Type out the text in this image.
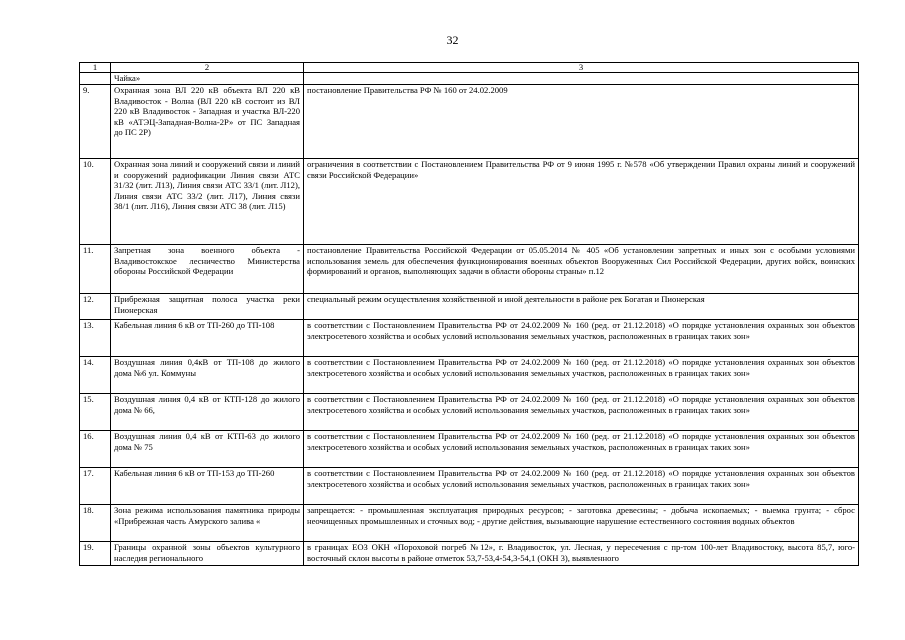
32
1	2	3
	Чайка»	
9.	Охранная зона ВЛ 220 кВ объекта ВЛ 220 кВ Владивосток - Волна (ВЛ 220 кВ состоит из ВЛ 220 кВ Владивосток - Западная и участка ВЛ-220 кВ «АТЭЦ-Западная-Волна-2Р» от ПС Западная до ПС 2Р)	постановление Правительства РФ № 160 от 24.02.2009
10.	Охранная зона линий и сооружений связи и линий и сооружений радиофикации Линия связи АТС 31/32 (лит. Л13), Линия связи АТС 33/1 (лит. Л12), Линия связи АТС 33/2 (лит. Л17), Линия связи 38/1 (лит. Л16), Линия связи АТС 38 (лит. Л15)	ограничения в соответствии с Постановлением Правительства РФ от 9 июня 1995 г. №578 «Об утверждении Правил охраны линий и сооружений связи Российской Федерации»
11.	Запретная зона военного объекта - Владивостокское лесничество Министерства обороны Российской Федерации	постановление Правительства Российской Федерации от 05.05.2014 № 405 «Об установлении запретных и иных зон с особыми условиями использования земель для обеспечения функционирования военных объектов Вооруженных Сил Российской Федерации, других войск, воинских формирований и органов, выполняющих задачи в области обороны страны» п.12
12.	Прибрежная защитная полоса участка реки Пионерская	специальный режим осуществления хозяйственной и иной деятельности в районе рек Богатая и Пионерская
13.	Кабельная линия 6 кВ от ТП-260 до ТП-108	в соответствии с Постановлением Правительства РФ от 24.02.2009 № 160 (ред. от 21.12.2018) «О порядке установления охранных зон объектов электросетевого хозяйства и особых условий использования земельных участков, расположенных в границах таких зон»
14.	Воздушная линия 0,4кВ от ТП-108 до жилого дома №6 ул. Коммуны	в соответствии с Постановлением Правительства РФ от 24.02.2009 № 160 (ред. от 21.12.2018) «О порядке установления охранных зон объектов электросетевого хозяйства и особых условий использования земельных участков, расположенных в границах таких зон»
15.	Воздушная линия 0,4 кВ от КТП-128 до жилого дома № 66,	в соответствии с Постановлением Правительства РФ от 24.02.2009 № 160 (ред. от 21.12.2018) «О порядке установления охранных зон объектов электросетевого хозяйства и особых условий использования земельных участков, расположенных в границах таких зон»
16.	Воздушная линия 0,4 кВ от КТП-63 до жилого дома № 75	в соответствии с Постановлением Правительства РФ от 24.02.2009 № 160 (ред. от 21.12.2018) «О порядке установления охранных зон объектов электросетевого хозяйства и особых условий использования земельных участков, расположенных в границах таких зон»
17.	Кабельная линия 6 кВ от ТП-153 до ТП-260	в соответствии с Постановлением Правительства РФ от 24.02.2009 № 160 (ред. от 21.12.2018) «О порядке установления охранных зон объектов электросетевого хозяйства и особых условий использования земельных участков, расположенных в границах таких зон»
18.	Зона режима использования памятника природы «Прибрежная часть Амурского залива «	запрещается: - промышленная эксплуатация природных ресурсов; - заготовка древесины; - добыча ископаемых; - выемка грунта; - сброс неочищенных промышленных и сточных вод; - другие действия, вызывающие нарушение естественного состояния водных объектов
19.	Границы охранной зоны объектов культурного наследия регионального	в границах ЕОЗ ОКН «Пороховой погреб №12», г. Владивосток, ул. Лесная, у пересечения с пр-том 100-лет Владивостоку, высота 85,7, юго-восточный склон высоты в районе отметок 53,7-53,4-54,3-54,1 (ОКН 3), выявленного
